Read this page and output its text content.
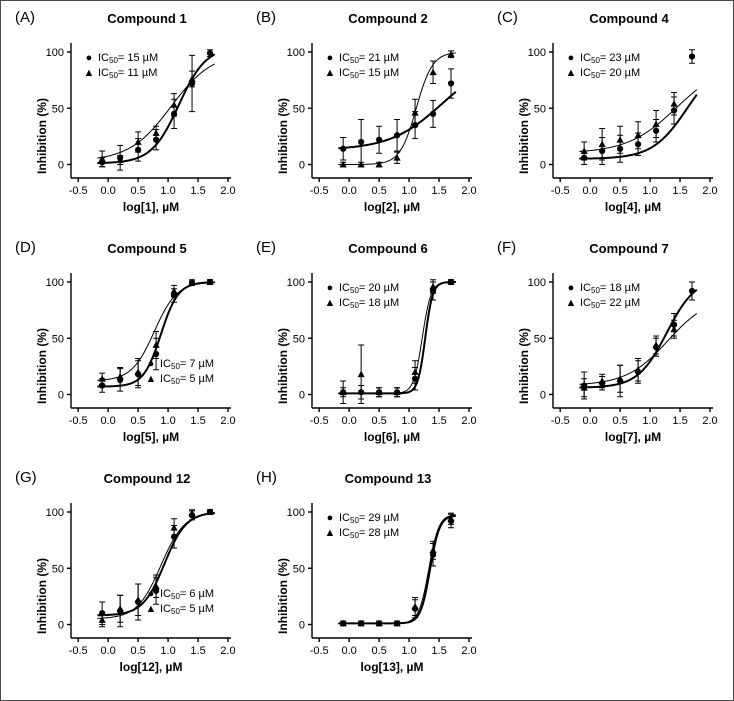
(A)	Compound 1
Inhibition (%)
log[1], µM
0
50
100
-0.5 0.0 0.5 1.0 1.5 2.0
● $IC_{50}= 15$ µM
▲ $IC_{50}= 11$ µM
(B)	Compound 2
Inhibition (%)
log[2], µM
0
50
100
-0.5 0.0 0.5 1.0 1.5 2.0
● $IC_{50}= 21$ µM
▲ $IC_{50}= 15$ µM
(C)	Compound 4
Inhibition (%)
log[4], µM
0
50
100
-0.5 0.0 0.5 1.0 1.5 2.0
● $IC_{50}= 23$ µM
▲ $IC_{50}= 20$ µM
(D)	Compound 5
Inhibition (%)
log[5], µM
0
50
100
-0.5 0.0 0.5 1.0 1.5 2.0
● $IC_{50}= 7$ µM
▲ $IC_{50}= 5$ µM
(E)	Compound 6
Inhibition (%)
log[6], µM
0
50
100
-0.5 0.0 0.5 1.0 1.5 2.0
● $IC_{50}= 20$ µM
▲ $IC_{50}= 18$ µM
(F)	Compound 7
Inhibition (%)
log[7], µM
0
50
100
-0.5 0.0 0.5 1.0 1.5 2.0
● $IC_{50}= 18$ µM
▲ $IC_{50}= 22$ µM
(G)	Compound 12
Inhibition (%)
log[12], µM
0
50
100
-0.5 0.0 0.5 1.0 1.5 2.0
● $IC_{50}= 6$ µM
▲ $IC_{50}= 5$ µM
(H)	Compound 13
Inhibition (%)
log[13], µM
0
50
100
-0.5 0.0 0.5 1.0 1.5 2.0
● $IC_{50}= 29$ µM
▲ $IC_{50}= 28$ µM
